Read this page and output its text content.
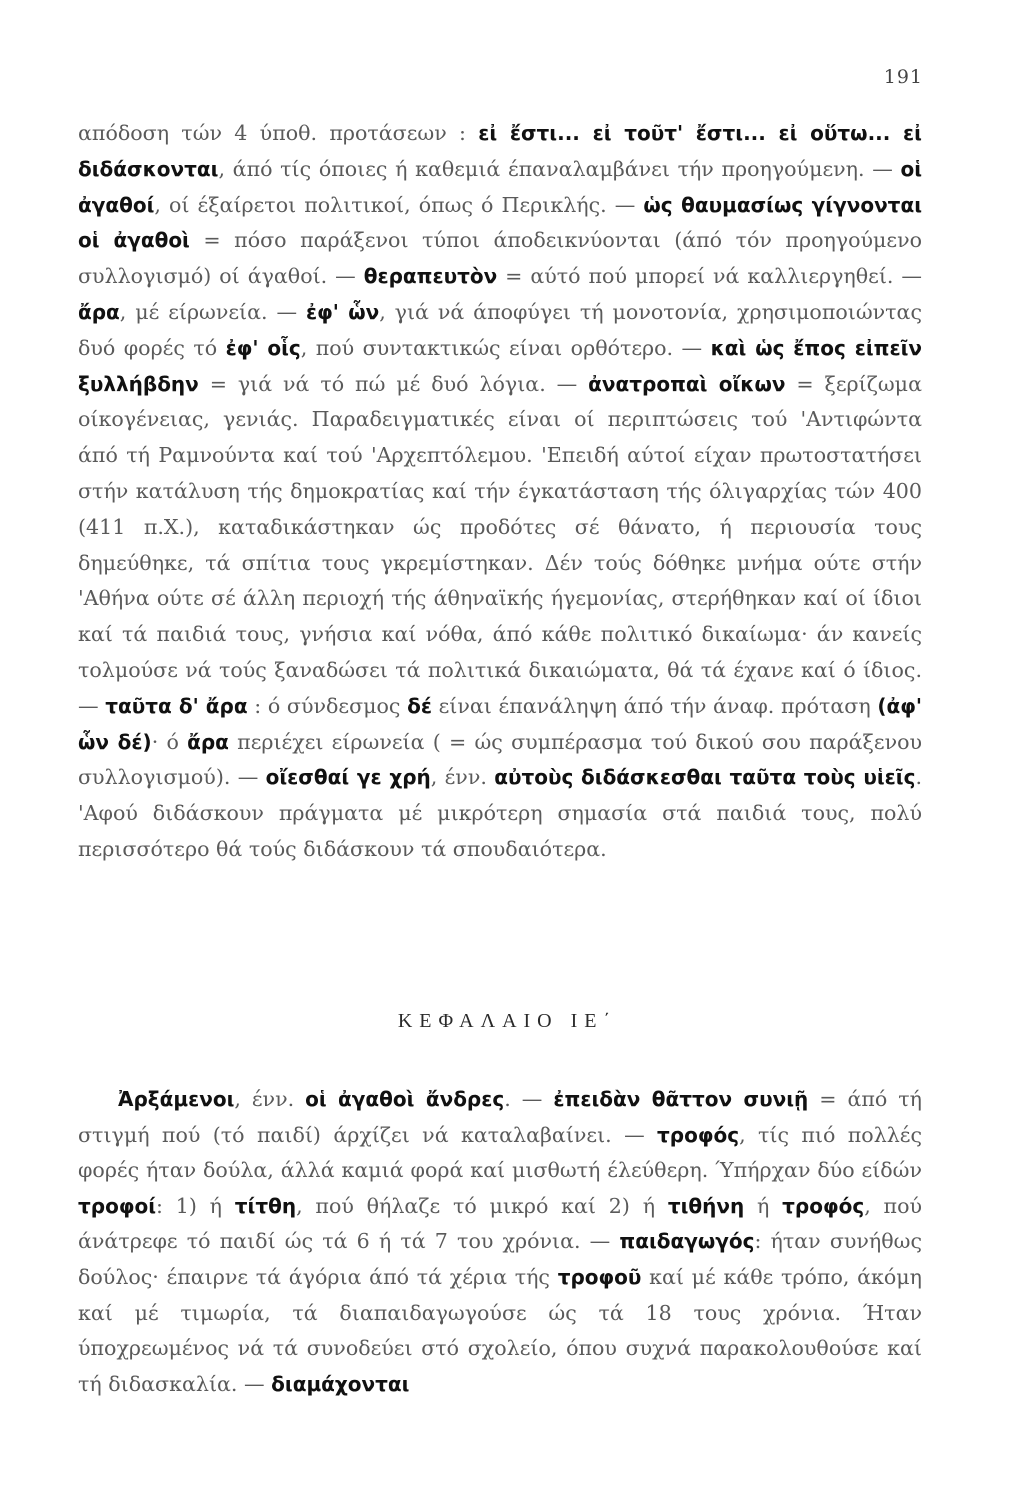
191
απόδοση τών 4 ύποθ. προτάσεων : εἰ ἔστι... εἰ τοῦτ' ἔστι... εἰ οὕτω... εἰ διδάσκονται, άπό τίς όποιες ή καθεμιά έπαναλαμβάνει τήν προηγούμενη. — οἱ ἀγαθοί, οί έξαίρετοι πολιτικοί, όπως ό Περικλής. — ὡς θαυμασίως γίγνονται οἱ ἀγαθοὶ = πόσο παράξενοι τύποι άποδεικνύονται (άπό τόν προηγούμενο συλλογισμό) οί άγαθοί. — θεραπευτὸν = αύτό πού μπορεί νά καλλιεργηθεί. — ἄρα, μέ είρωνεία. — ἐφ' ὧν, γιά νά άποφύγει τή μονοτονία, χρησιμοποιώντας δυό φορές τό ἐφ' οἷς, πού συντακτικώς είναι ορθότερο. — καὶ ὡς ἔπος εἰπεῖν ξυλλήβδην = γιά νά τό πώ μέ δυό λόγια. — ἀνατροπαὶ οἴκων = ξερίζωμα οίκογένειας, γενιάς. Παραδειγματικές είναι οί περιπτώσεις τού 'Αντιφώντα άπό τή Ραμνούντα καί τού 'Αρχεπτόλεμου. 'Επειδή αύτοί είχαν πρωτοστατήσει στήν κατάλυση τής δημοκρατίας καί τήν έγκατάσταση τής όλιγαρχίας τών 400 (411 π.Χ.), καταδικάστηκαν ώς προδότες σέ θάνατο, ή περιουσία τους δημεύθηκε, τά σπίτια τους γκρεμίστηκαν. Δέν τούς δόθηκε μνήμα ούτε στήν 'Αθήνα ούτε σέ άλλη περιοχή τής άθηναϊκής ήγεμονίας, στερήθηκαν καί οί ίδιοι καί τά παιδιά τους, γνήσια καί νόθα, άπό κάθε πολιτικό δικαίωμα· άν κανείς τολμούσε νά τούς ξαναδώσει τά πολιτικά δικαιώματα, θά τά έχανε καί ό ίδιος. — ταῦτα δ' ἄρα : ό σύνδεσμος δέ είναι έπανάληψη άπό τήν άναφ. πρόταση (ἀφ' ὧν δέ)· ό ἄρα περιέχει είρωνεία ( = ώς συμπέρασμα τού δικού σου παράξενου συλλογισμού). — οἴεσθαί γε χρή, ένν. αὐτοὺς διδάσκεσθαι ταῦτα τοὺς υἱεῖς. 'Αφού διδάσκουν πράγματα μέ μικρότερη σημασία στά παιδιά τους, πολύ περισσότερο θά τούς διδάσκουν τά σπουδαιότερα.
ΚΕΦΑΛΑΙΟ ΙΕ΄
Ἀρξάμενοι, ένν. οἱ ἀγαθοὶ ἄνδρες. — ἐπειδὰν θᾶττον συνιῇ = άπό τή στιγμή πού (τό παιδί) άρχίζει νά καταλαβαίνει. — τροφός, τίς πιό πολλές φορές ήταν δούλα, άλλά καμιά φορά καί μισθωτή έλεύθερη. Ύπήρχαν δύο είδών τροφοί: 1) ή τίτθη, πού θήλαζε τό μικρό καί 2) ή τιθήνη ή τροφός, πού άνάτρεφε τό παιδί ώς τά 6 ή τά 7 του χρόνια. — παιδαγωγός: ήταν συνήθως δούλος· έπαιρνε τά άγόρια άπό τά χέρια τής τροφοῦ καί μέ κάθε τρόπο, άκόμη καί μέ τιμωρία, τά διαπαιδαγωγούσε ώς τά 18 τους χρόνια. Ήταν ύποχρεωμένος νά τά συνοδεύει στό σχολείο, όπου συχνά παρακολουθούσε καί τή διδασκαλία. — διαμάχονται
